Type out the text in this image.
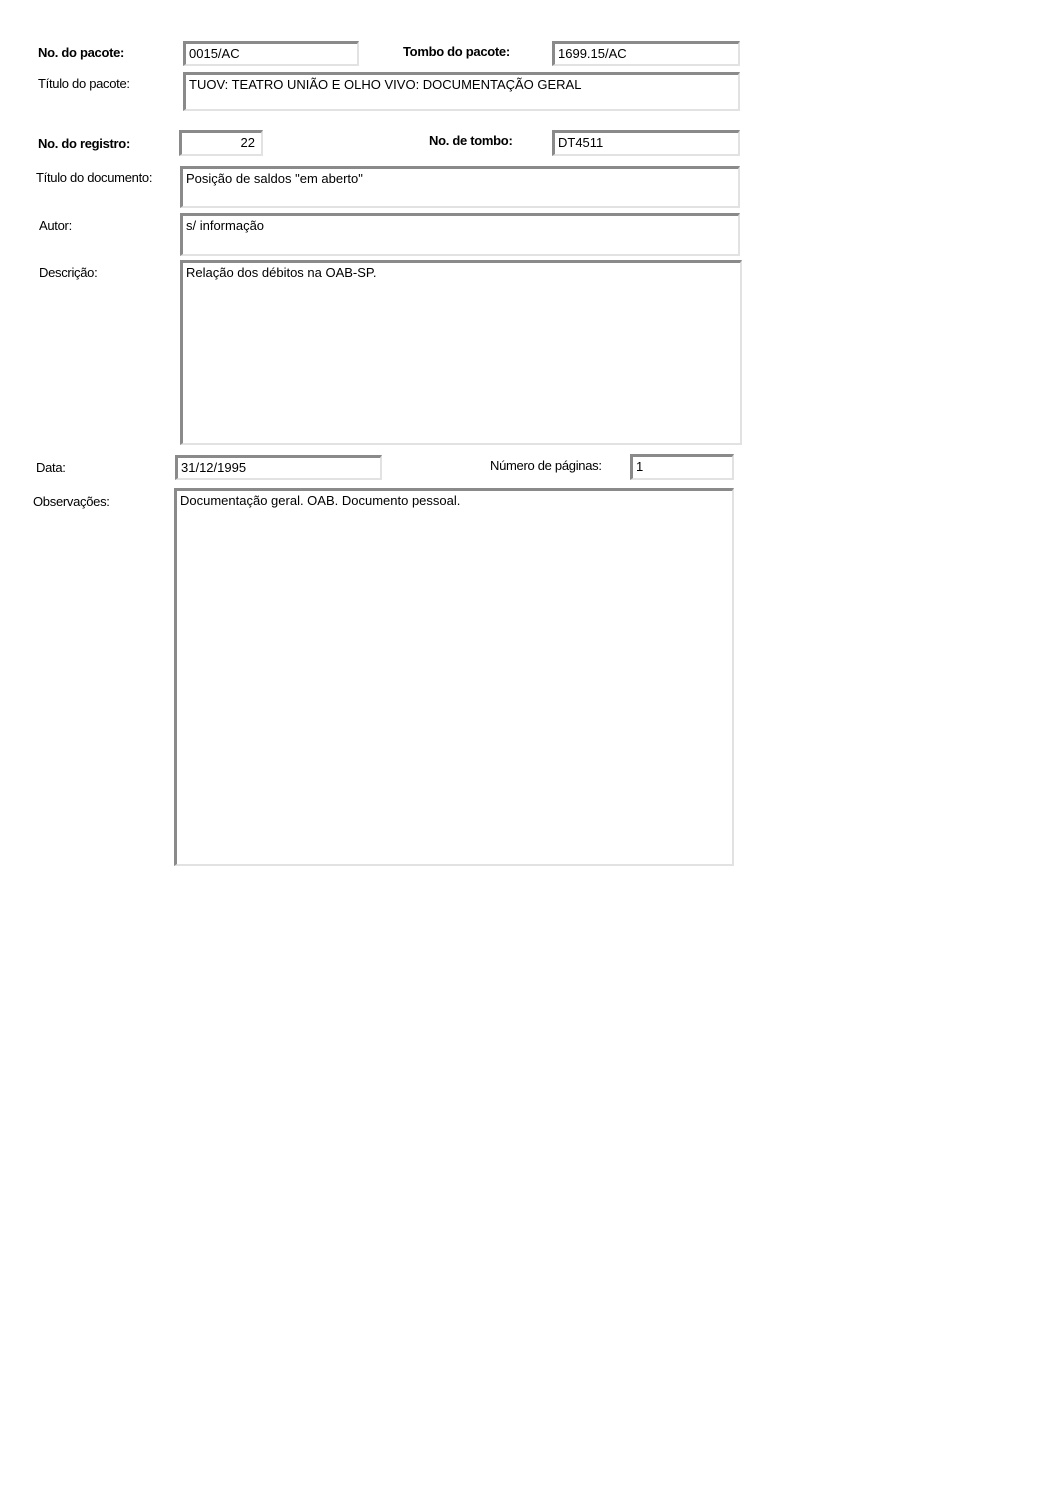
No. do pacote:	0015/AC	Tombo do pacote:	1699.15/AC
Título do pacote:	TUOV: TEATRO UNIÃO E OLHO VIVO: DOCUMENTAÇÃO GERAL
No. do registro:	22	No. de tombo:	DT4511
Título do documento:	Posição de saldos "em aberto"
Autor:	s/ informação
Descrição:	Relação dos débitos na OAB-SP.
Data:	31/12/1995	Número de páginas:	1
Observações:	Documentação geral. OAB. Documento pessoal.
